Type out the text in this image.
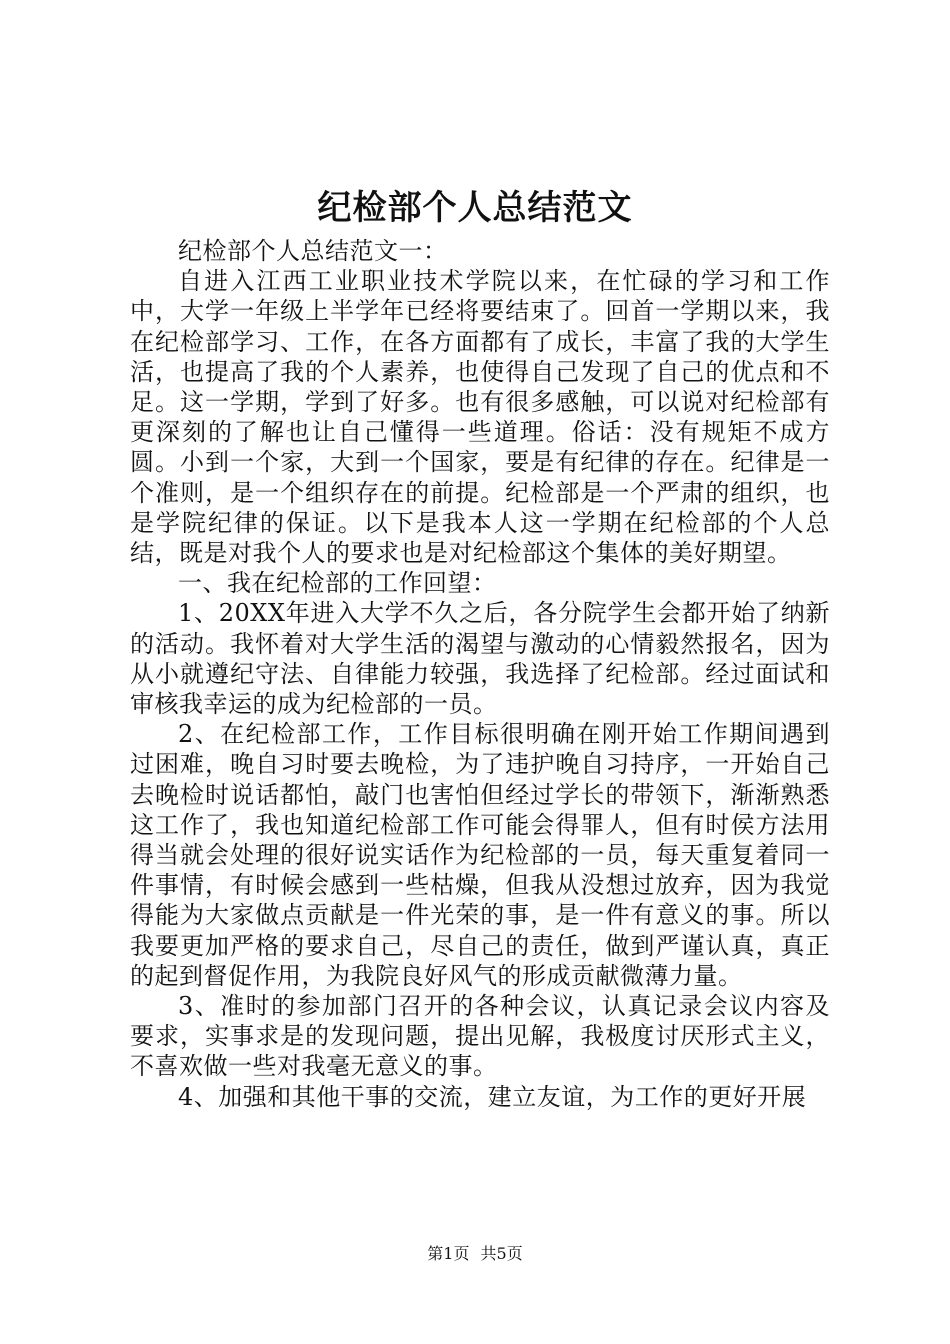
纪检部个人总结范文

纪检部个人总结范文一：

自进入江西工业职业技术学院以来，在忙碌的学习和工作中，大学一年级上半学年已经将要结束了。回首一学期以来，我在纪检部学习、工作，在各方面都有了成长，丰富了我的大学生活，也提高了我的个人素养，也使得自己发现了自己的优点和不足。这一学期，学到了好多。也有很多感触，可以说对纪检部有更深刻的了解也让自己懂得一些道理。俗话：没有规矩不成方圆。小到一个家，大到一个国家，要是有纪律的存在。纪律是一个准则，是一个组织存在的前提。纪检部是一个严肃的组织，也是学院纪律的保证。以下是我本人这一学期在纪检部的个人总结，既是对我个人的要求也是对纪检部这个集体的美好期望。

一、我在纪检部的工作回望：

1、20XX年进入大学不久之后，各分院学生会都开始了纳新的活动。我怀着对大学生活的渴望与激动的心情毅然报名，因为从小就遵纪守法、自律能力较强，我选择了纪检部。经过面试和审核我幸运的成为纪检部的一员。

2、在纪检部工作，工作目标很明确在刚开始工作期间遇到过困难，晚自习时要去晚检，为了违护晚自习持序，一开始自己去晚检时说话都怕，敲门也害怕但经过学长的带领下，渐渐熟悉这工作了，我也知道纪检部工作可能会得罪人，但有时侯方法用得当就会处理的很好说实话作为纪检部的一员，每天重复着同一件事情，有时候会感到一些枯燥，但我从没想过放弃，因为我觉得能为大家做点贡献是一件光荣的事，是一件有意义的事。所以我要更加严格的要求自己，尽自己的责任，做到严谨认真，真正的起到督促作用，为我院良好风气的形成贡献微薄力量。

3、准时的参加部门召开的各种会议，认真记录会议内容及要求，实事求是的发现问题，提出见解，我极度讨厌形式主义，不喜欢做一些对我毫无意义的事。

4、加强和其他干事的交流，建立友谊，为工作的更好开展

第1页 共5页
